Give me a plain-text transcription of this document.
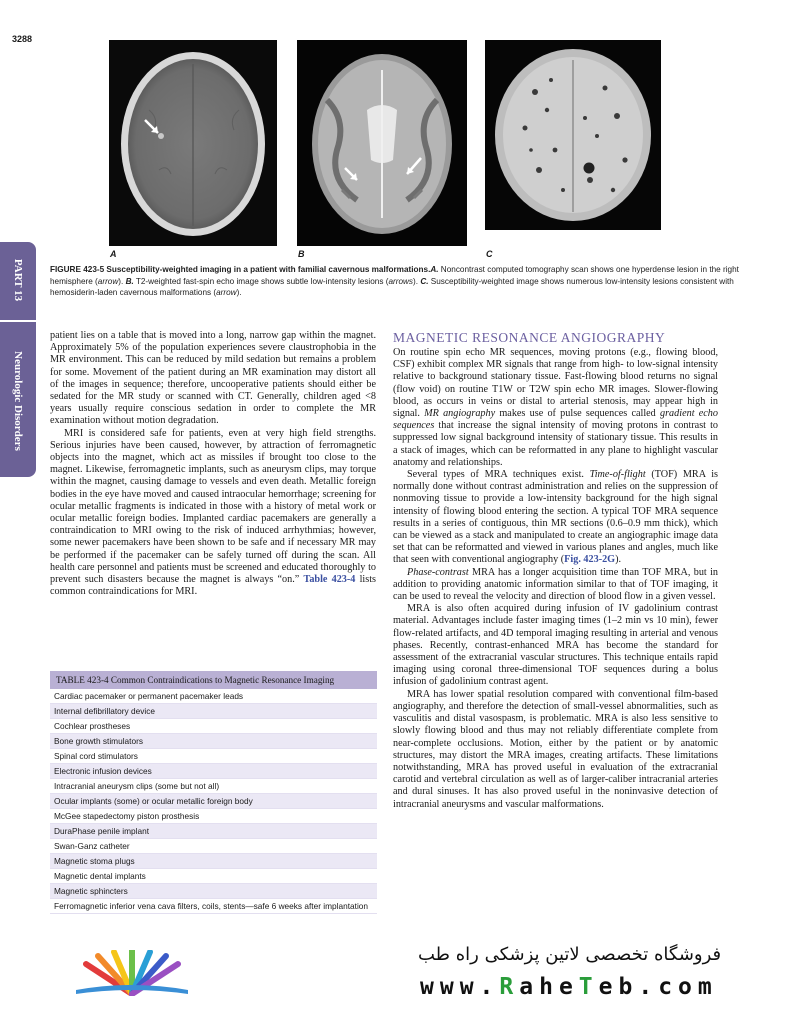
3288
A	B	C
PART 13
Neurologic Disorders
FIGURE 423-5 Susceptibility-weighted imaging in a patient with familial cavernous malformations.A. Noncontrast computed tomography scan shows one hyperdense lesion in the right hemisphere (arrow). B. T2-weighted fast-spin echo image shows subtle low-intensity lesions (arrows). C. Susceptibility-weighted image shows numerous low-intensity lesions consistent with hemosiderin-laden cavernous malformations (arrow).

patient lies on a table that is moved into a long, narrow gap within the magnet. Approximately 5% of the population experiences severe claustrophobia in the MR environment. This can be reduced by mild sedation but remains a problem for some. Movement of the patient during an MR examination may distort all of the images in sequence; therefore, uncooperative patients should either be sedated for the MR study or scanned with CT. Generally, children aged <8 years usually require conscious sedation in order to complete the MR examination without motion degradation.

MRI is considered safe for patients, even at very high field strengths. Serious injuries have been caused, however, by attraction of ferromagnetic objects into the magnet, which act as missiles if brought too close to the magnet. Likewise, ferromagnetic implants, such as aneurysm clips, may torque within the magnet, causing damage to vessels and even death. Metallic foreign bodies in the eye have moved and caused intraocular hemorrhage; screening for ocular metallic fragments is indicated in those with a history of metal work or ocular metallic foreign bodies. Implanted cardiac pacemakers are generally a contraindication to MRI owing to the risk of induced arrhythmias; however, some newer pacemakers have been shown to be safe and if necessary MR may be performed if the pacemaker can be safely turned off during the scan. All health care personnel and patients must be screened and educated thoroughly to prevent such disasters because the magnet is always “on.” Table 423-4 lists common contraindications for MRI.

TABLE 423-4 Common Contraindications to Magnetic Resonance Imaging
Cardiac pacemaker or permanent pacemaker leads
Internal defibrillatory device
Cochlear prostheses
Bone growth stimulators
Spinal cord stimulators
Electronic infusion devices
Intracranial aneurysm clips (some but not all)
Ocular implants (some) or ocular metallic foreign body
McGee stapedectomy piston prosthesis
DuraPhase penile implant
Swan-Ganz catheter
Magnetic stoma plugs
Magnetic dental implants
Magnetic sphincters
Ferromagnetic inferior vena cava filters, coils, stents—safe 6 weeks after implantation
MAGNETIC RESONANCE ANGIOGRAPHY

On routine spin echo MR sequences, moving protons (e.g., flowing blood, CSF) exhibit complex MR signals that range from high- to low-signal intensity relative to background stationary tissue. Fast-flowing blood returns no signal (flow void) on routine T1W or T2W spin echo MR images. Slower-flowing blood, as occurs in veins or distal to arterial stenosis, may appear high in signal. MR angiography makes use of pulse sequences called gradient echo sequences that increase the signal intensity of moving protons in contrast to suppressed low signal background intensity of stationary tissue. This results in a stack of images, which can be reformatted in any plane to highlight vascular anatomy and relationships.

Several types of MRA techniques exist. Time-of-flight (TOF) MRA is normally done without contrast administration and relies on the suppression of nonmoving tissue to provide a low-intensity background for the high signal intensity of flowing blood entering the section. A typical TOF MRA sequence results in a series of contiguous, thin MR sections (0.6–0.9 mm thick), which can be viewed as a stack and manipulated to create an angiographic image data set that can be reformatted and viewed in various planes and angles, much like that seen with conventional angiography (Fig. 423-2G).

Phase-contrast MRA has a longer acquisition time than TOF MRA, but in addition to providing anatomic information similar to that of TOF imaging, it can be used to reveal the velocity and direction of blood flow in a given vessel.

MRA is also often acquired during infusion of IV gadolinium contrast material. Advantages include faster imaging times (1–2 min vs 10 min), fewer flow-related artifacts, and 4D temporal imaging resulting in arterial and venous phases. Recently, contrast-enhanced MRA has become the standard for assessment of the extracranial vascular structures. This technique entails rapid imaging using coronal three-dimensional TOF sequences during a bolus infusion of gadolinium contrast agent.

MRA has lower spatial resolution compared with conventional film-based angiography, and therefore the detection of small-vessel abnormalities, such as vasculitis and distal vasospasm, is problematic. MRA is also less sensitive to slowly flowing blood and thus may not reliably differentiate complete from near-complete occlusions. Motion, either by the patient or by anatomic structures, may distort the MRA images, creating artifacts. These limitations notwithstanding, MRA has proved useful in evaluation of the extracranial carotid and vertebral circulation as well as of larger-caliber intracranial arteries and dural sinuses. It has also proved useful in the noninvasive detection of intracranial aneurysms and vascular malformations.

فروشگاه تخصصی لاتین پزشکی راه طب
www.RaheTeb.com
